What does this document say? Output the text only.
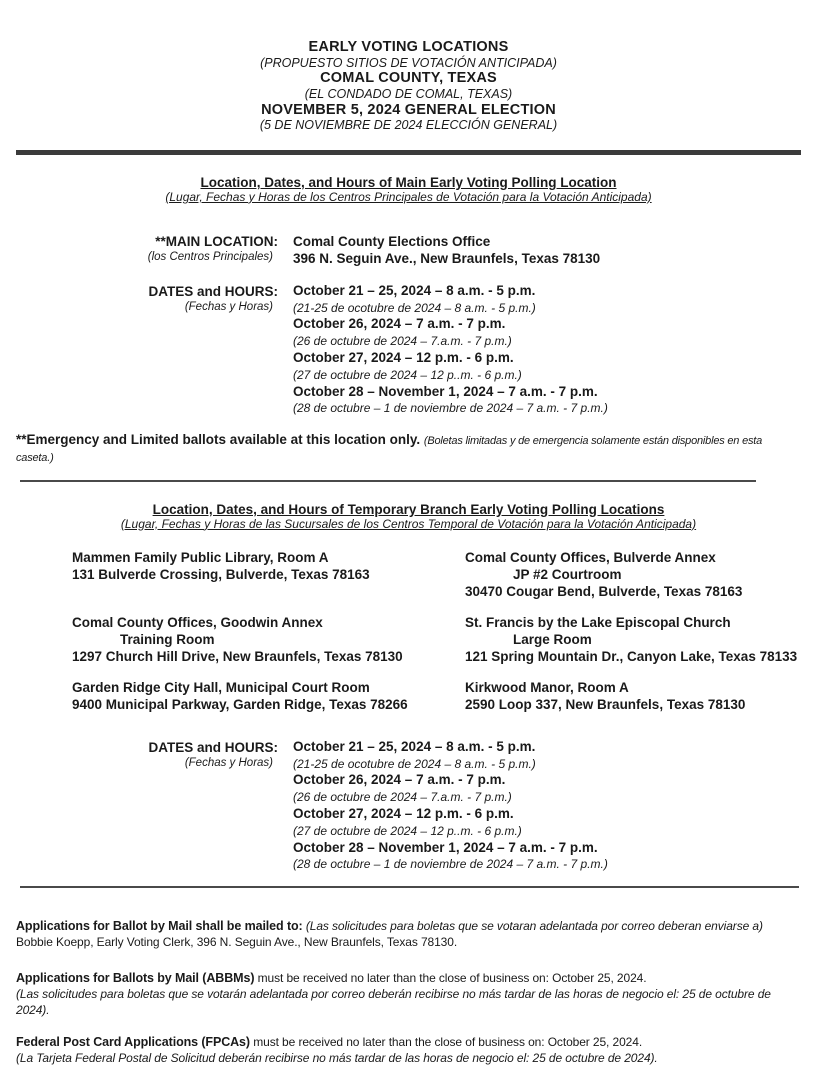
EARLY VOTING LOCATIONS
(PROPUESTO SITIOS DE VOTACIÓN ANTICIPADA)
COMAL COUNTY, TEXAS
(EL CONDADO DE COMAL, TEXAS)
NOVEMBER 5, 2024 GENERAL ELECTION
(5 DE NOVIEMBRE DE 2024 ELECCIÓN GENERAL)
Location, Dates, and Hours of Main Early Voting Polling Location
(Lugar, Fechas y Horas de los Centros Principales de Votación para la Votación Anticipada)
**MAIN LOCATION:
(los Centros Principales)
Comal County Elections Office
396 N. Seguin Ave., New Braunfels, Texas 78130
DATES and HOURS:
(Fechas y Horas)
October 21 – 25, 2024 – 8 a.m. - 5 p.m.
(21-25 de ocotubre de 2024 – 8 a.m. - 5 p.m.)
October 26, 2024 – 7 a.m. - 7 p.m.
(26 de octubre de 2024 – 7.a.m. - 7 p.m.)
October 27, 2024 – 12 p.m. - 6 p.m.
(27 de octubre de 2024 – 12 p..m. - 6 p.m.)
October 28 – November 1, 2024 – 7 a.m. - 7 p.m.
(28 de octubre – 1 de noviembre de 2024 – 7 a.m. - 7 p.m.)

**Emergency and Limited ballots available at this location only. (Boletas limitadas y de emergencia solamente están disponibles en esta caseta.)

Location, Dates, and Hours of Temporary Branch Early Voting Polling Locations
(Lugar, Fechas y Horas de las Sucursales de los Centros Temporal de Votación para la Votación Anticipada)
Mammen Family Public Library, Room A
131 Bulverde Crossing, Bulverde, Texas 78163
Comal County Offices, Bulverde Annex
JP #2 Courtroom
30470 Cougar Bend, Bulverde, Texas 78163
Comal County Offices, Goodwin Annex
Training Room
1297 Church Hill Drive, New Braunfels, Texas 78130
St. Francis by the Lake Episcopal Church
Large Room
121 Spring Mountain Dr., Canyon Lake, Texas 78133
Garden Ridge City Hall, Municipal Court Room
9400 Municipal Parkway, Garden Ridge, Texas 78266
Kirkwood Manor, Room A
2590 Loop 337, New Braunfels, Texas 78130
DATES and HOURS:
(Fechas y Horas)
October 21 – 25, 2024 – 8 a.m. - 5 p.m.
(21-25 de ocotubre de 2024 – 8 a.m. - 5 p.m.)
October 26, 2024 – 7 a.m. - 7 p.m.
(26 de octubre de 2024 – 7.a.m. - 7 p.m.)
October 27, 2024 – 12 p.m. - 6 p.m.
(27 de octubre de 2024 – 12 p..m. - 6 p.m.)
October 28 – November 1, 2024 – 7 a.m. - 7 p.m.
(28 de octubre – 1 de noviembre de 2024 – 7 a.m. - 7 p.m.)

Applications for Ballot by Mail shall be mailed to: (Las solicitudes para boletas que se votaran adelantada por correo deberan enviarse a) Bobbie Koepp, Early Voting Clerk, 396 N. Seguin Ave., New Braunfels, Texas 78130.

Applications for Ballots by Mail (ABBMs) must be received no later than the close of business on: October 25, 2024.
(Las solicitudes para boletas que se votarán adelantada por correo deberán recibirse no más tardar de las horas de negocio el: 25 de octubre de 2024).

Federal Post Card Applications (FPCAs) must be received no later than the close of business on: October 25, 2024.
(La Tarjeta Federal Postal de Solicitud deberán recibirse no más tardar de las horas de negocio el: 25 de octubre de 2024).
